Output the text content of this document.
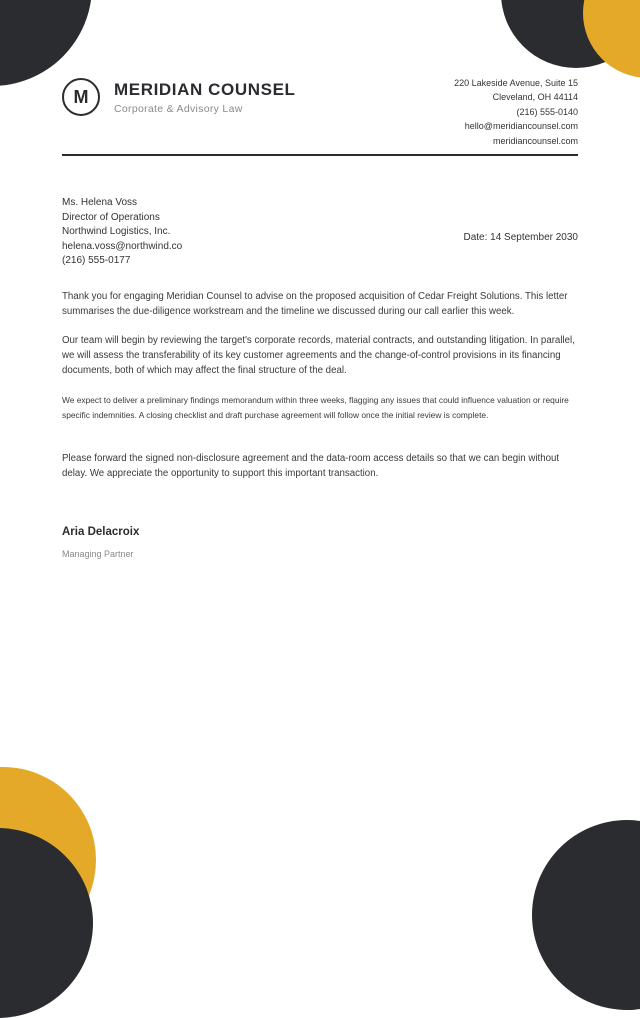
M	MERIDIAN COUNSEL
Corporate & Advisory Law
220 Lakeside Avenue, Suite 15
Cleveland, OH 44114
(216) 555-0140
hello@meridiancounsel.com
meridiancounsel.com
Ms. Helena Voss
Director of Operations
Northwind Logistics, Inc.
helena.voss@northwind.co
(216) 555-0177
Date: 14 September 2030

Thank you for engaging Meridian Counsel to advise on the proposed acquisition of Cedar Freight Solutions. This letter summarises the due-diligence workstream and the timeline we discussed during our call earlier this week.

Our team will begin by reviewing the target's corporate records, material contracts, and outstanding litigation. In parallel, we will assess the transferability of its key customer agreements and the change-of-control provisions in its financing documents, both of which may affect the final structure of the deal.

We expect to deliver a preliminary findings memorandum within three weeks, flagging any issues that could influence valuation or require specific indemnities. A closing checklist and draft purchase agreement will follow once the initial review is complete.

Please forward the signed non-disclosure agreement and the data-room access details so that we can begin without delay. We appreciate the opportunity to support this important transaction.

Aria Delacroix
Managing Partner
